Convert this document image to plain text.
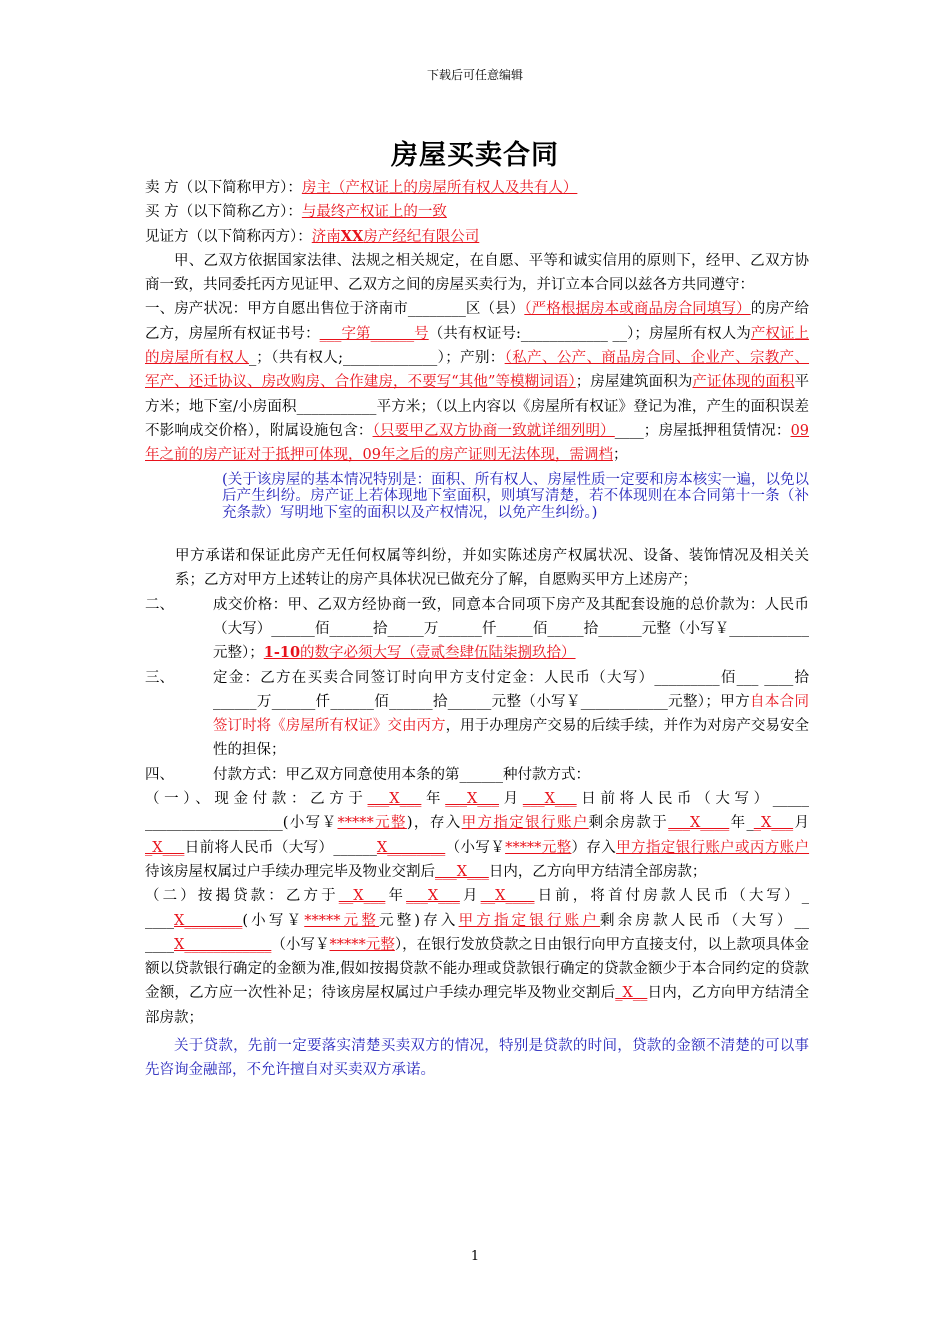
下载后可任意编辑
房屋买卖合同

卖 方（以下简称甲方）：房主（产权证上的房屋所有权人及共有人）

买 方（以下简称乙方）：与最终产权证上的一致

见证方（以下简称丙方）：济南XX房产经纪有限公司

甲、乙双方依据国家法律、法规之相关规定，在自愿、平等和诚实信用的原则下，经甲、乙双方协商一致，共同委托丙方见证甲、乙双方之间的房屋买卖行为，并订立本合同以兹各方共同遵守：

一、房产状况：甲方自愿出售位于济南市________区（县）（严格根据房本或商品房合同填写）的房产给乙方，房屋所有权证书号：___字第______号（共有权证号:____________ __）；房屋所有权人为产权证上的房屋所有权人_；（共有权人;_____________）；产别：（私产、公产、商品房合同、企业产、宗教产、军产、还迁协议、房改购房、合作建房，不要写“其他”等模糊词语）；房屋建筑面积为产证体现的面积平方米；地下室/小房面积___________平方米；（以上内容以《房屋所有权证》登记为准，产生的面积误差不影响成交价格），附属设施包含：（只要甲乙双方协商一致就详细列明）____；房屋抵押租赁情况：09年之前的房产证对于抵押可体现，09年之后的房产证则无法体现，需调档；

(关于该房屋的基本情况特别是：面积、所有权人、房屋性质一定要和房本核实一遍，以免以后产生纠纷。房产证上若体现地下室面积，则填写清楚，若不体现则在本合同第十一条（补充条款）写明地下室的面积以及产权情况，以免产生纠纷。)

甲方承诺和保证此房产无任何权属等纠纷，并如实陈述房产权属状况、设备、装饰情况及相关关系；乙方对甲方上述转让的房产具体状况已做充分了解，自愿购买甲方上述房产；

二、	成交价格：甲、乙双方经协商一致，同意本合同项下房产及其配套设施的总价款为：人民币（大写）______佰______拾_____万______仟_____佰_____拾______元整（小写￥___________元整）；1-10的数字必须大写（壹贰叁肆伍陆柒捌玖拾）

三、	定金：乙方在买卖合同签订时向甲方支付定金：人民币（大写）_________佰___ ____拾______万______仟______佰______拾______元整（小写￥____________元整）；甲方自本合同签订时将《房屋所有权证》交由丙方，用于办理房产交易的后续手续，并作为对房产交易安全性的担保；

四、	付款方式：甲乙双方同意使用本条的第______种付款方式：

（一）、现金付款：乙方于___X___年___X___月___X___日前将人民币（大写）_____ ___________________(小写￥*****元整)，存入甲方指定银行账户剩余房款于___X____年__X___月_X___日前将人民币（大写）______X________（小写￥*****元整）存入甲方指定银行账户或丙方账户待该房屋权属过户手续办理完毕及物业交割后___X___日内，乙方向甲方结清全部房款；

（二）按揭贷款：乙方于__X___年___X___月__X____日前，将首付房款人民币（大写）_ ____X________(小写￥*****元整元整)存入甲方指定银行账户剩余房款人民币（大写）__ ____X____________（小写￥*****元整），在银行发放贷款之日由银行向甲方直接支付，以上款项具体金额以贷款银行确定的金额为准,假如按揭贷款不能办理或贷款银行确定的贷款金额少于本合同约定的贷款金额，乙方应一次性补足；待该房屋权属过户手续办理完毕及物业交割后_X__日内，乙方向甲方结清全部房款；

关于贷款，先前一定要落实清楚买卖双方的情况，特别是贷款的时间，贷款的金额不清楚的可以事先咨询金融部，不允许擅自对买卖双方承诺。

1
